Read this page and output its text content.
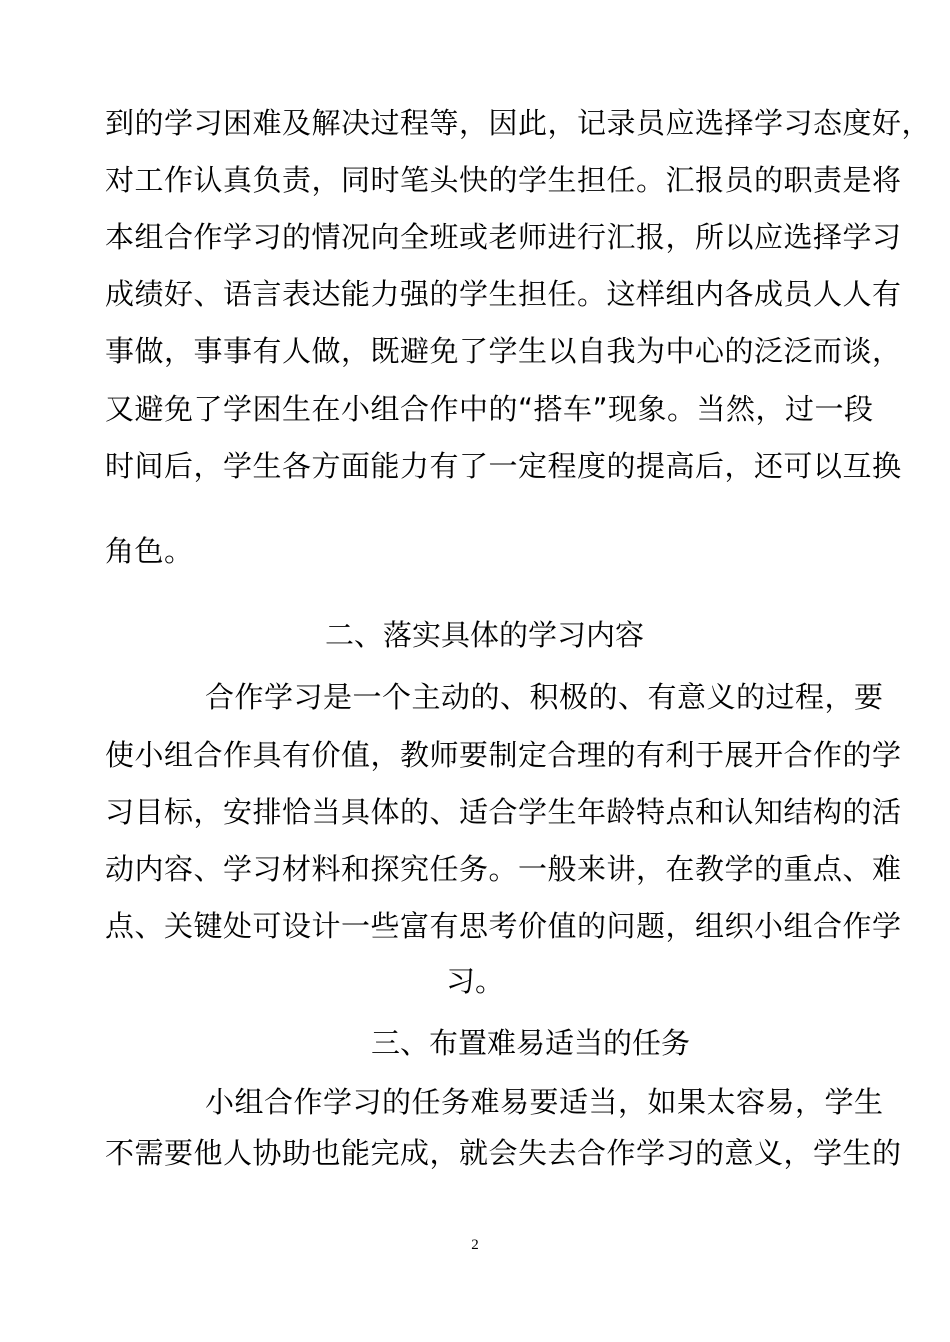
到的学习困难及解决过程等，因此，记录员应选择学习态度好，
对工作认真负责，同时笔头快的学生担任。汇报员的职责是将
本组合作学习的情况向全班或老师进行汇报，所以应选择学习
成绩好、语言表达能力强的学生担任。这样组内各成员人人有
事做，事事有人做，既避免了学生以自我为中心的泛泛而谈，
又避免了学困生在小组合作中的“搭车”现象。当然，过一段
时间后，学生各方面能力有了一定程度的提高后，还可以互换
角色。
二、落实具体的学习内容
合作学习是一个主动的、积极的、有意义的过程，要
使小组合作具有价值，教师要制定合理的有利于展开合作的学
习目标，安排恰当具体的、适合学生年龄特点和认知结构的活
动内容、学习材料和探究任务。一般来讲，在教学的重点、难
点、关键处可设计一些富有思考价值的问题，组织小组合作学
习。
三、布置难易适当的任务
小组合作学习的任务难易要适当，如果太容易，学生
不需要他人协助也能完成，就会失去合作学习的意义，学生的
2
